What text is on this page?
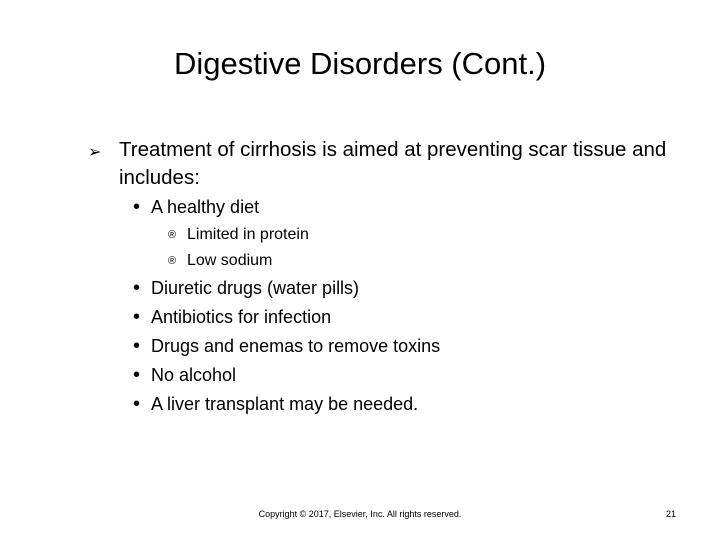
Digestive Disorders (Cont.)
➢ Treatment of cirrhosis is aimed at preventing scar tissue and includes:
• A healthy diet
® Limited in protein
® Low sodium
• Diuretic drugs (water pills)
• Antibiotics for infection
• Drugs and enemas to remove toxins
• No alcohol
• A liver transplant may be needed.
Copyright © 2017, Elsevier, Inc. All rights reserved.	21
